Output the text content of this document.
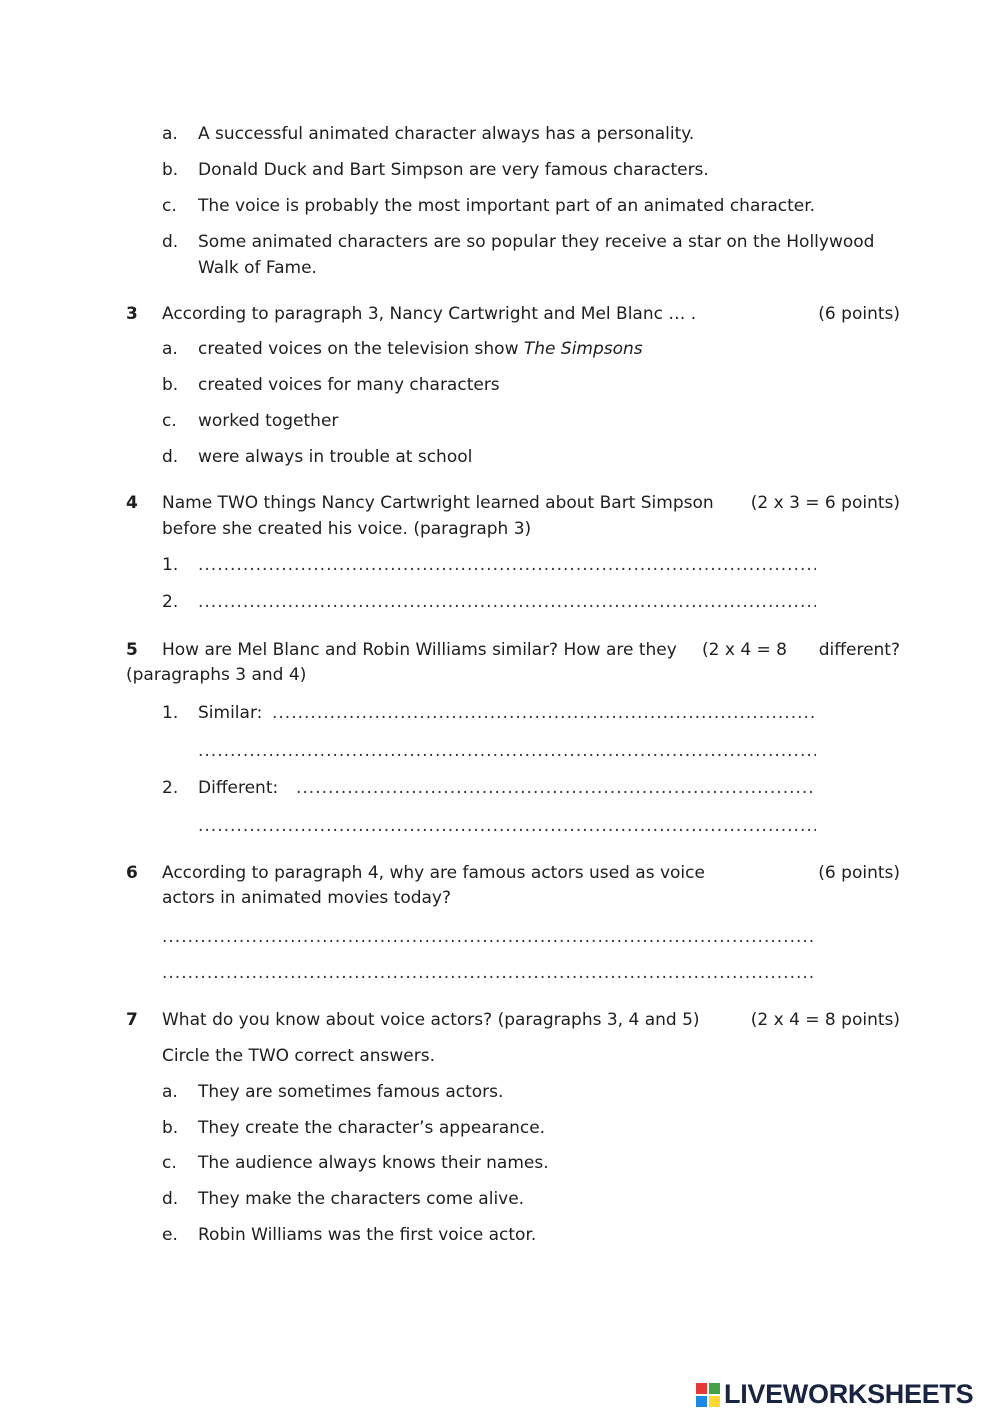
a. A successful animated character always has a personality.
b. Donald Duck and Bart Simpson are very famous characters.
c. The voice is probably the most important part of an animated character.
d. Some animated characters are so popular they receive a star on the Hollywood
Walk of Fame.
3 According to paragraph 3, Nancy Cartwright and Mel Blanc … .	(6 points)
a. created voices on the television show The Simpsons
b. created voices for many characters
c. worked together
d. were always in trouble at school
4 Name TWO things Nancy Cartwright learned about Bart Simpson (2 x 3 = 6 points)
before she created his voice. (paragraph 3)
1.
.....
2.
.....
5 How are Mel Blanc and Robin Williams similar? How are they (2 x 4 = 8 different?
(paragraphs 3 and 4)
1. Similar:
.....
.....
2. Different:
.....
.....
6 According to paragraph 4, why are famous actors used as voice	(6 points)
actors in animated movies today?
.....
.....
7 What do you know about voice actors? (paragraphs 3, 4 and 5)	(2 x 4 = 8 points)
Circle the TWO correct answers.
a. They are sometimes famous actors.
b. They create the character’s appearance.
c. The audience always knows their names.
d. They make the characters come alive.
e. Robin Williams was the first voice actor.
LIVEWORKSHEETS
